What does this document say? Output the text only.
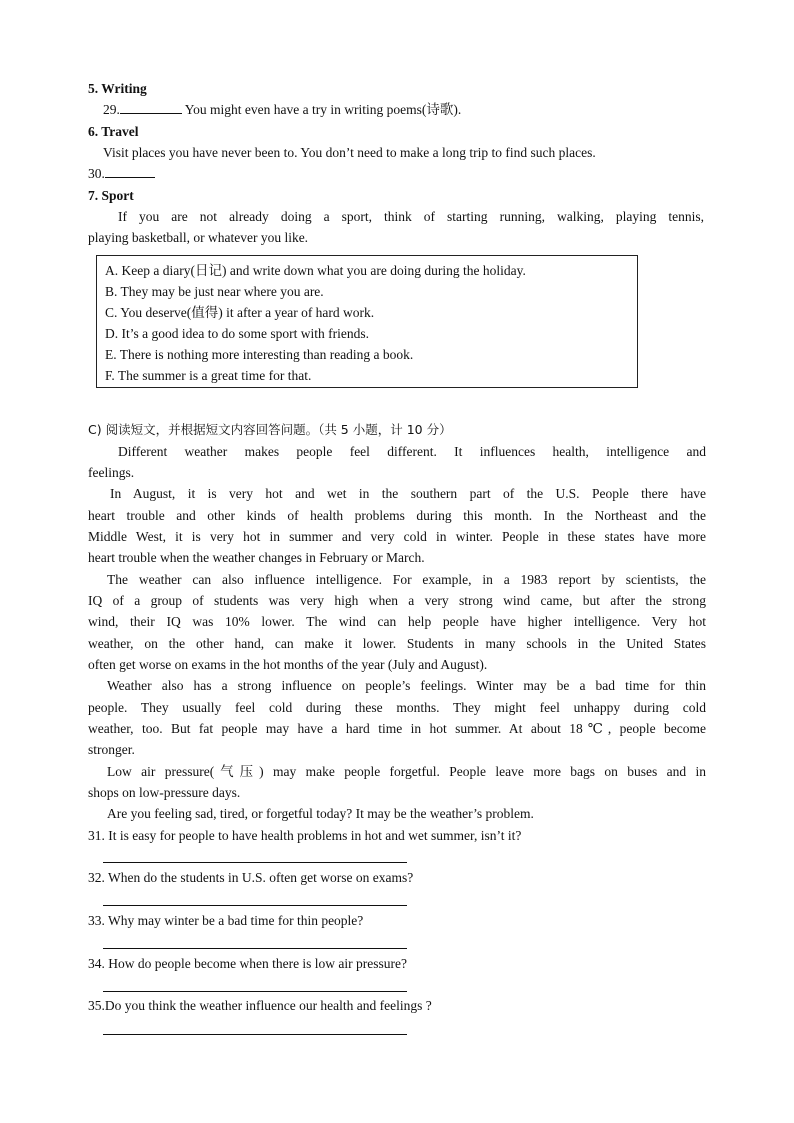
5. Writing
29.	You might even have a try in writing poems(诗歌).
6. Travel
Visit places you have never been to. You don’t need to make a long trip to find such places.
30.
7. Sport
If you are not already doing a sport, think of starting running, walking, playing tennis,
playing basketball, or whatever you like.
A. Keep a diary(日记) and write down what you are doing during the holiday.
B. They may be just near where you are.
C. You deserve(值得) it after a year of hard work.
D. It’s a good idea to do some sport with friends.
E. There is nothing more interesting than reading a book.
F. The summer is a great time for that.
C) 阅读短文，并根据短文内容回答问题。（共 5 小题，计 10 分）
Different weather makes people feel different. It influences health, intelligence and
feelings.
In August, it is very hot and wet in the southern part of the U.S. People there have
heart trouble and other kinds of health problems during this month. In the Northeast and the
Middle West, it is very hot in summer and very cold in winter. People in these states have more
heart trouble when the weather changes in February or March.
The weather can also influence intelligence. For example, in a 1983 report by scientists, the
IQ of a group of students was very high when a very strong wind came, but after the strong
wind, their IQ was 10% lower. The wind can help people have higher intelligence. Very hot
weather, on the other hand, can make it lower. Students in many schools in the United States
often get worse on exams in the hot months of the year (July and August).
Weather also has a strong influence on people’s feelings. Winter may be a bad time for thin
people. They usually feel cold during these months. They might feel unhappy during cold
weather, too. But fat people may have a hard time in hot summer. At about 18℃, people become
stronger.
Low air pressure(气压) may make people forgetful. People leave more bags on buses and in
shops on low-pressure days.
Are you feeling sad, tired, or forgetful today? It may be the weather’s problem.
31. It is easy for people to have health problems in hot and wet summer, isn’t it?
32. When do the students in U.S. often get worse on exams?
33. Why may winter be a bad time for thin people?
34. How do people become when there is low air pressure?
35.Do you think the weather influence our health and feelings ?
